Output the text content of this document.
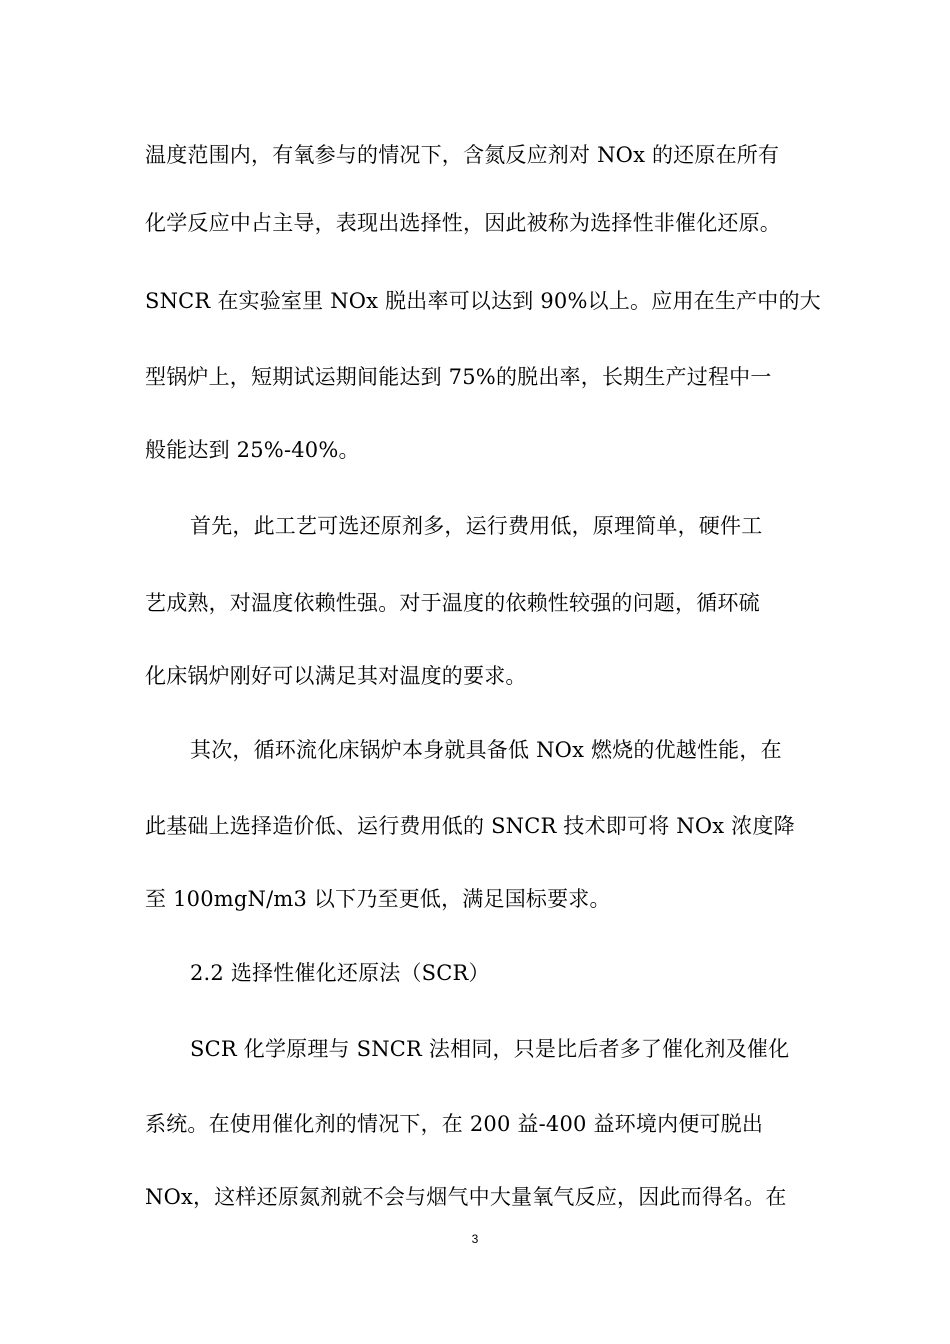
温度范围内，有氧参与的情况下，含氮反应剂对 NOx 的还原在所有
化学反应中占主导，表现出选择性，因此被称为选择性非催化还原。
SNCR 在实验室里 NOx 脱出率可以达到 90%以上。应用在生产中的大
型锅炉上，短期试运期间能达到 75%的脱出率，长期生产过程中一
般能达到 25%-40%。
首先，此工艺可选还原剂多，运行费用低，原理简单，硬件工
艺成熟，对温度依赖性强。对于温度的依赖性较强的问题，循环硫
化床锅炉刚好可以满足其对温度的要求。
其次，循环流化床锅炉本身就具备低 NOx 燃烧的优越性能，在
此基础上选择造价低、运行费用低的 SNCR 技术即可将 NOx 浓度降
至 100mgN/m3 以下乃至更低，满足国标要求。
2.2 选择性催化还原法（SCR）
SCR 化学原理与 SNCR 法相同，只是比后者多了催化剂及催化
系统。在使用催化剂的情况下，在 200 益-400 益环境内便可脱出
NOx，这样还原氮剂就不会与烟气中大量氧气反应，因此而得名。在
3
